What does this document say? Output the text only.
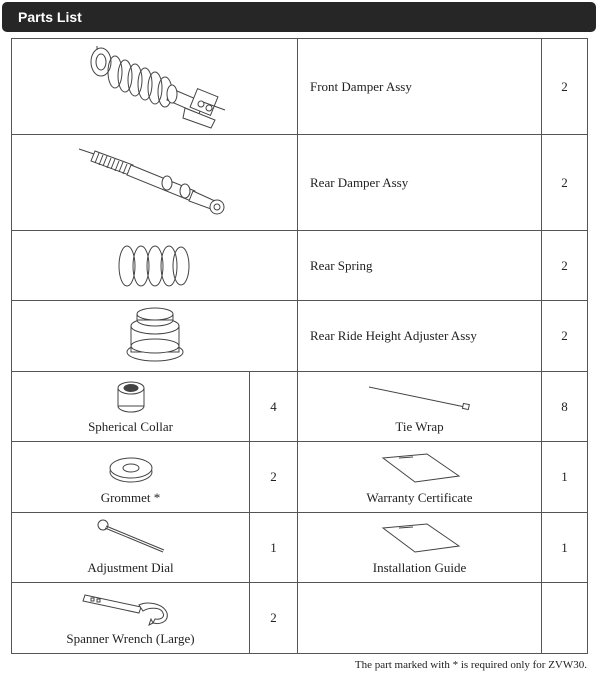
Parts List
	Front Damper Assy	2

	Rear Damper Assy	2

	Rear Spring	2

	Rear Ride Height Adjuster Assy	2

Spherical Collar	4	Tie Wrap	8

Grommet *	2	Warranty Certificate	1

Adjustment Dial	1	Installation Guide	1

Spanner Wrench (Large)	2		
The part marked with * is required only for ZVW30.
